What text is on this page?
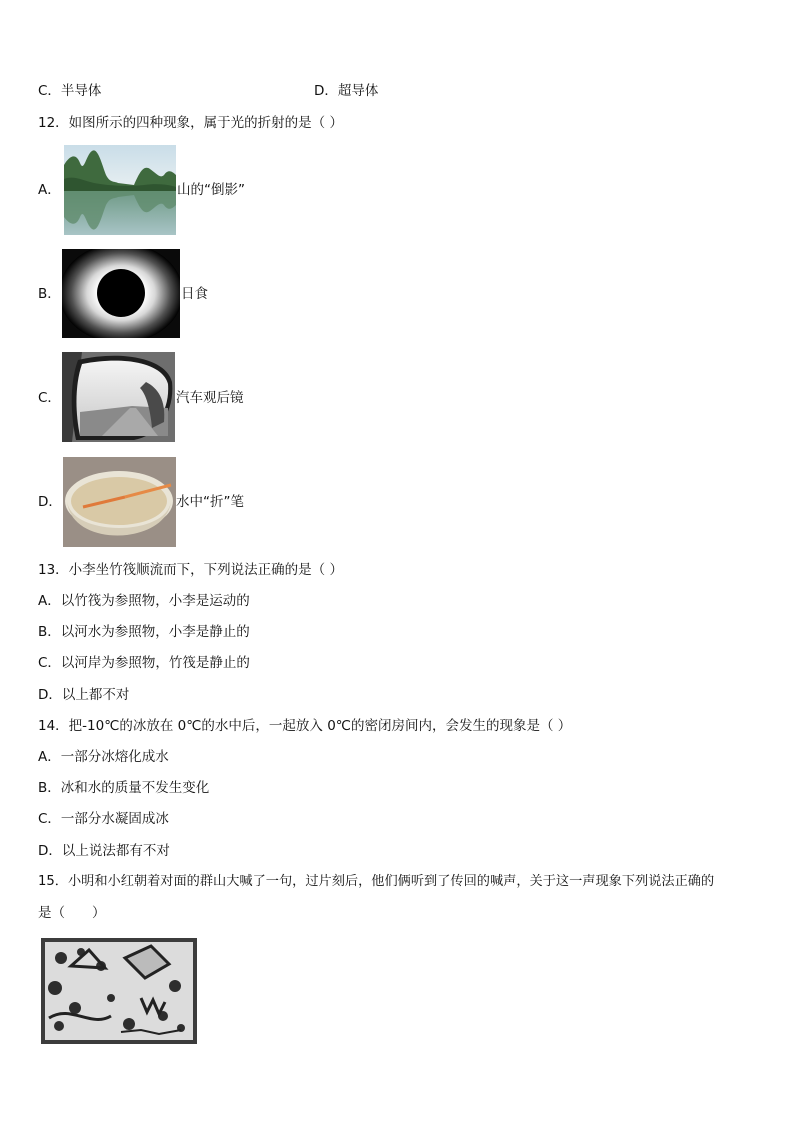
C．半导体	D．超导体
12．如图所示的四种现象，属于光的折射的是（ ）
A．	山的“倒影”
B．	日食
C．	汽车观后镜
D．	水中“折”笔
13．小李坐竹筏顺流而下，下列说法正确的是（ ）
A．以竹筏为参照物，小李是运动的
B．以河水为参照物，小李是静止的
C．以河岸为参照物，竹筏是静止的
D．以上都不对
14．把-10℃的冰放在 0℃的水中后，一起放入 0℃的密闭房间内，会发生的现象是（ ）
A．一部分冰熔化成水
B．冰和水的质量不发生变化
C．一部分水凝固成冰
D．以上说法都有不对
15．小明和小红朝着对面的群山大喊了一句，过片刻后，他们俩听到了传回的喊声，关于这一声现象下列说法正确的
是（　　）
